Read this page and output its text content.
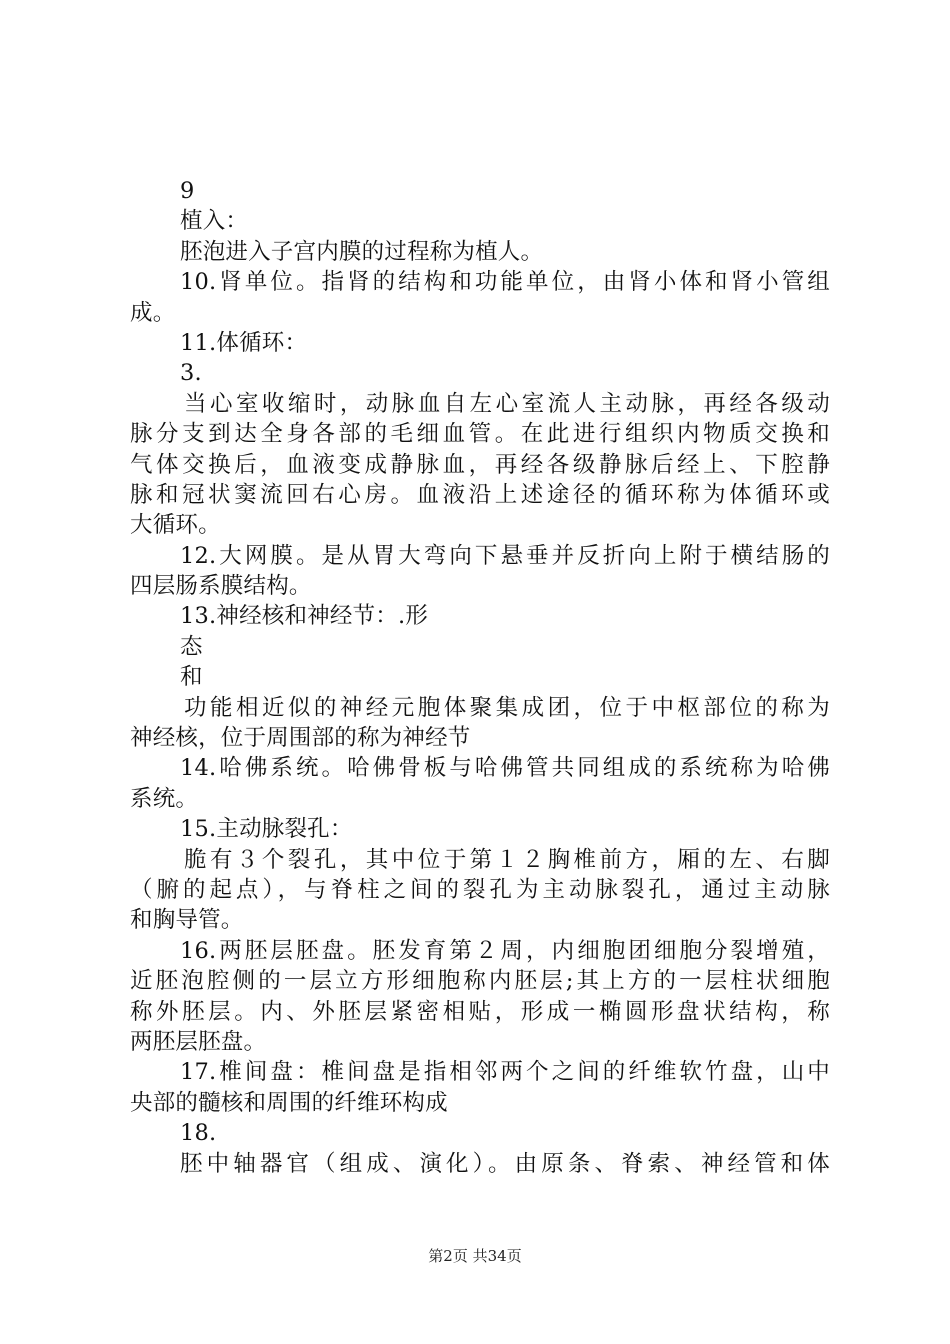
9
植入：
胚泡进入子宫内膜的过程称为植人。
10.肾单位。指肾的结构和功能单位，由肾小体和肾小管组
成。
11.体循环：
3.
当心室收缩时，动脉血自左心室流人主动脉，再经各级动
脉分支到达全身各部的毛细血管。在此进行组织内物质交换和
气体交换后，血液变成静脉血，再经各级静脉后经上、下腔静
脉和冠状窦流回右心房。血液沿上述途径的循环称为体循环或
大循环。
12.大网膜。是从胃大弯向下悬垂并反折向上附于横结肠的
四层肠系膜结构。
13.神经核和神经节：.形
态
和
功能相近似的神经元胞体聚集成团，位于中枢部位的称为
神经核，位于周围部的称为神经节
14.哈佛系统。哈佛骨板与哈佛管共同组成的系统称为哈佛
系统。
15.主动脉裂孔：
脆有３个裂孔，其中位于第１２胸椎前方，厢的左、右脚
（腑的起点），与脊柱之间的裂孔为主动脉裂孔，通过主动脉
和胸导管。
16.两胚层胚盘。胚发育第２周，内细胞团细胞分裂增殖，
近胚泡腔侧的一层立方形细胞称内胚层;其上方的一层柱状细胞
称外胚层。内、外胚层紧密相贴，形成一椭圆形盘状结构，称
两胚层胚盘。
17.椎间盘：椎间盘是指相邻两个之间的纤维软竹盘，山中
央部的髓核和周围的纤维环构成
18.
胚中轴器官（组成、演化）。由原条、脊索、神经管和体
第2页 共34页
